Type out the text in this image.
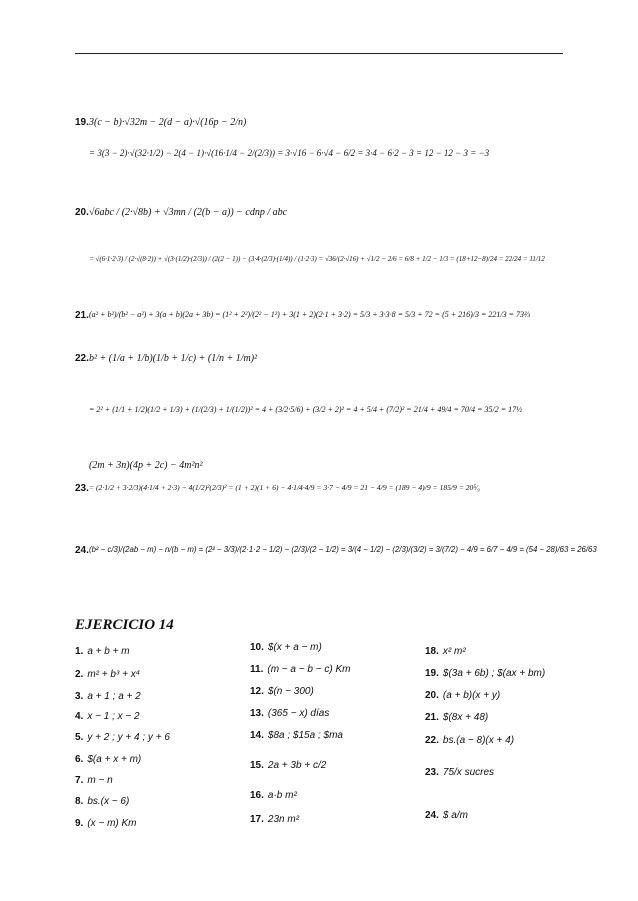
19. 3(c − b)·√32m − 2(d − a)·√(16p − 2/n)
= 3(3 − 2)·√(32·1/2) − 2(4 − 1)·√(16·1/4 − 2/(2/3)) = 3·√16 − 6·√4 − 6/2 = 3·4 − 6·2 − 3 = 12 − 12 − 3 = −3
20. √6abc / (2·√8b) + √3mn / (2(b − a)) − cdnp / abc
= √(6·1·2·3) / (2·√(8·2)) + √(3·(1/2)·(2/3)) / (2(2 − 1)) − (3·4·(2/3)·(1/4)) / (1·2·3) = √36/(2·√16) + √1/2 − 2/6 = 6/8 + 1/2 − 1/3 = (18+12−8)/24 = 22/24 = 11/12
21. (a² + b²)/(b² − a²) + 3(a + b)(2a + 3b) = (1² + 2²)/(2² − 1²) + 3(1 + 2)(2·1 + 3·2) = 5/3 + 3·3·8 = 5/3 + 72 = (5 + 216)/3 = 221/3 = 73⅔
22. b² + (1/a + 1/b)(1/b + 1/c) + (1/n + 1/m)²
= 2² + (1/1 + 1/2)(1/2 + 1/3) + (1/(2/3) + 1/(1/2))² = 4 + (3/2·5/6) + (3/2 + 2)² = 4 + 5/4 + (7/2)² = 21/4 + 49/4 = 70/4 = 35/2 = 17½
23.
(2m + 3n)(4p + 2c) − 4m²n²
= (2·1/2 + 3·2/3)(4·1/4 + 2·3) − 4(1/2)²(2/3)² = (1 + 2)(1 + 6) − 4·1/4·4/9 = 3·7 − 4/9 = 21 − 4/9 = (189 − 4)/9 = 185/9 = 20⁵⁄₉
24. (b² − c/3)/(2ab − m) − n/(b − m) = (2² − 3/3)/(2·1·2 − 1/2) − (2/3)/(2 − 1/2) = 3/(4 − 1/2) − (2/3)/(3/2) = 3/(7/2) − 4/9 = 6/7 − 4/9 = (54 − 28)/63 = 26/63
EJERCICIO 14
1. a + b + m
2. m² + b³ + x⁴
3. a + 1 ; a + 2
4. x − 1 ; x − 2
5. y + 2 ; y + 4 ; y + 6
6. $(a + x + m)
7. m − n
8. bs.(x − 6)
9. (x − m) Km
10. $(x + a − m)
11. (m − a − b − c) Km
12. $(n − 300)
13. (365 − x) días
14. $8a ; $15a ; $ma
15. 2a + 3b + c/2
16. a·b m²
17. 23n m²
18. x² m²
19. $(3a + 6b) ; $(ax + bm)
20. (a + b)(x + y)
21. $(8x + 48)
22. bs.(a − 8)(x + 4)
23. 75/x sucres
24. $ a/m
